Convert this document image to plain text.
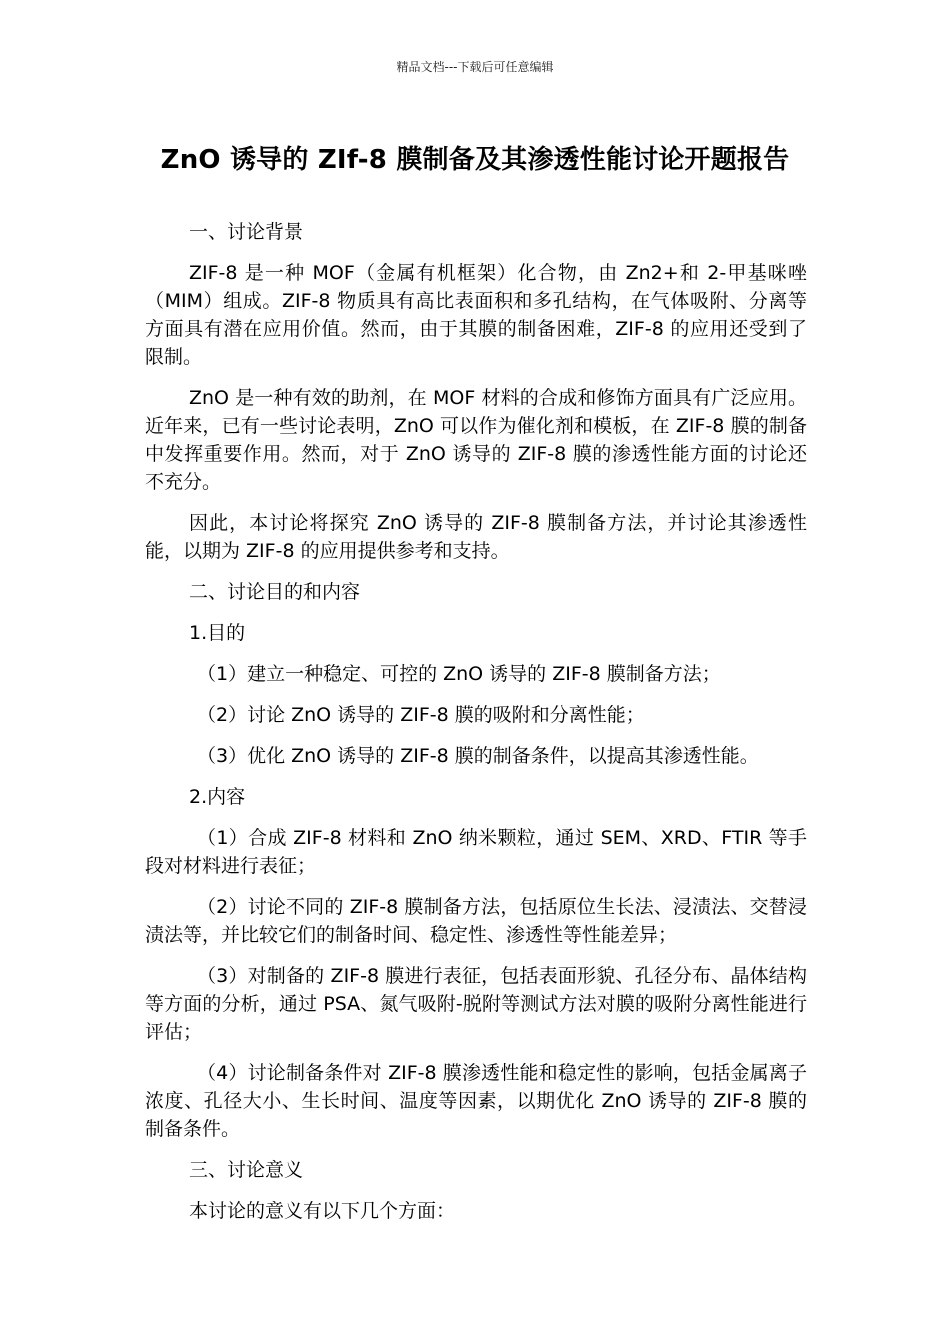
精品文档---下载后可任意编辑
ZnO 诱导的 ZIf-8 膜制备及其渗透性能讨论开题报告

一、讨论背景

ZIF-8 是一种 MOF（金属有机框架）化合物，由 Zn2+和 2-甲基咪唑（MIM）组成。ZIF-8 物质具有高比表面积和多孔结构，在气体吸附、分离等方面具有潜在应用价值。然而，由于其膜的制备困难，ZIF-8 的应用还受到了限制。

ZnO 是一种有效的助剂，在 MOF 材料的合成和修饰方面具有广泛应用。近年来，已有一些讨论表明，ZnO 可以作为催化剂和模板，在 ZIF-8 膜的制备中发挥重要作用。然而，对于 ZnO 诱导的 ZIF-8 膜的渗透性能方面的讨论还不充分。

因此，本讨论将探究 ZnO 诱导的 ZIF-8 膜制备方法，并讨论其渗透性能，以期为 ZIF-8 的应用提供参考和支持。

二、讨论目的和内容

1.目的

（1）建立一种稳定、可控的 ZnO 诱导的 ZIF-8 膜制备方法；

（2）讨论 ZnO 诱导的 ZIF-8 膜的吸附和分离性能；

（3）优化 ZnO 诱导的 ZIF-8 膜的制备条件，以提高其渗透性能。

2.内容

（1）合成 ZIF-8 材料和 ZnO 纳米颗粒，通过 SEM、XRD、FTIR 等手段对材料进行表征；

（2）讨论不同的 ZIF-8 膜制备方法，包括原位生长法、浸渍法、交替浸渍法等，并比较它们的制备时间、稳定性、渗透性等性能差异；

（3）对制备的 ZIF-8 膜进行表征，包括表面形貌、孔径分布、晶体结构等方面的分析，通过 PSA、氮气吸附-脱附等测试方法对膜的吸附分离性能进行评估；

（4）讨论制备条件对 ZIF-8 膜渗透性能和稳定性的影响，包括金属离子浓度、孔径大小、生长时间、温度等因素，以期优化 ZnO 诱导的 ZIF-8 膜的制备条件。

三、讨论意义

本讨论的意义有以下几个方面：
